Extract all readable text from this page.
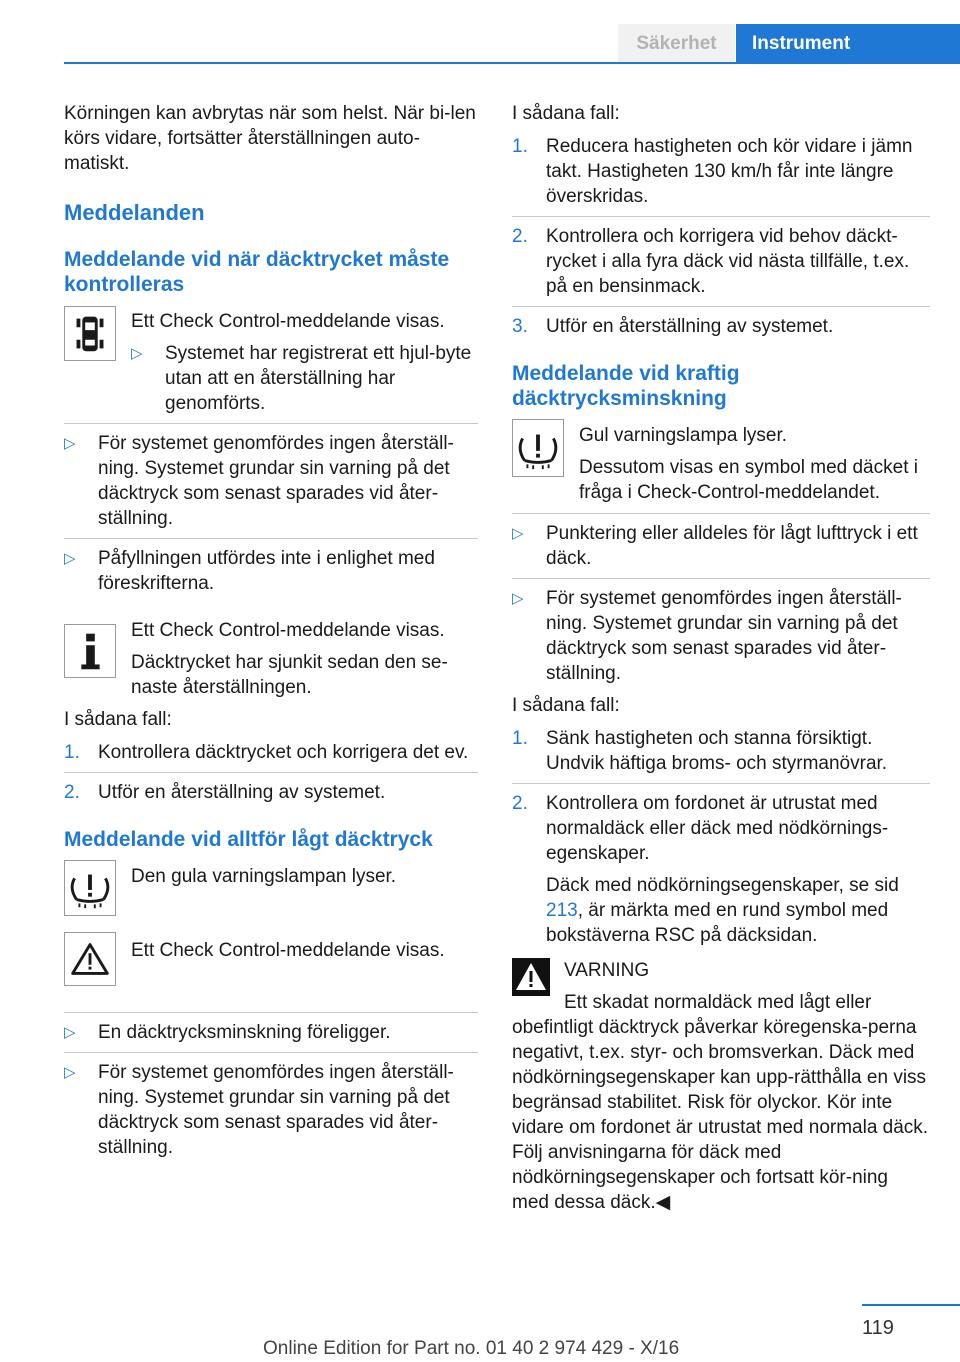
Säkerhet	Instrument

Körningen kan avbrytas när som helst. När bi-len körs vidare, fortsätter återställningen auto-matiskt.

Meddelanden
Meddelande vid när däcktrycket måste kontrolleras

Ett Check Control-meddelande visas.

▷	Systemet har registrerat ett hjul-byte utan att en återställning har genomförts.
▷	För systemet genomfördes ingen återställ-ning. Systemet grundar sin varning på det däcktryck som senast sparades vid åter-ställning.
▷	Påfyllningen utfördes inte i enlighet med föreskrifterna.

Ett Check Control-meddelande visas.

Däcktrycket har sjunkit sedan den se-naste återställningen.

I sådana fall:

1. Kontrollera däcktrycket och korrigera det ev.
2. Utför en återställning av systemet.
Meddelande vid alltför lågt däcktryck

Den gula varningslampan lyser.

Ett Check Control-meddelande visas.

▷	En däcktrycksminskning föreligger.
▷	För systemet genomfördes ingen återställ-ning. Systemet grundar sin varning på det däcktryck som senast sparades vid åter-ställning.

I sådana fall:

1. Reducera hastigheten och kör vidare i jämn takt. Hastigheten 130 km/h får inte längre överskridas.
2. Kontrollera och korrigera vid behov däckt-rycket i alla fyra däck vid nästa tillfälle, t.ex. på en bensinmack.
3. Utför en återställning av systemet.
Meddelande vid kraftig däcktrycksminskning

Gul varningslampa lyser.

Dessutom visas en symbol med däcket i fråga i Check-Control-meddelandet.

▷	Punktering eller alldeles för lågt lufttryck i ett däck.
▷	För systemet genomfördes ingen återställ-ning. Systemet grundar sin varning på det däcktryck som senast sparades vid åter-ställning.

I sådana fall:

1. Sänk hastigheten och stanna försiktigt. Undvik häftiga broms- och styrmanövrar.
2. Kontrollera om fordonet är utrustat med normaldäck eller däck med nödkörnings-egenskaper.

Däck med nödkörningsegenskaper, se sid 213, är märkta med en rund symbol med bokstäverna RSC på däcksidan.

VARNING

Ett skadat normaldäck med lågt eller

obefintligt däcktryck påverkar köregenska-perna negativt, t.ex. styr- och bromsverkan. Däck med nödkörningsegenskaper kan upp-rätthålla en viss begränsad stabilitet. Risk för olyckor. Kör inte vidare om fordonet är utrustat med normala däck. Följ anvisningarna för däck med nödkörningsegenskaper och fortsatt kör-ning med dessa däck.◀

119
Online Edition for Part no. 01 40 2 974 429 - X/16
